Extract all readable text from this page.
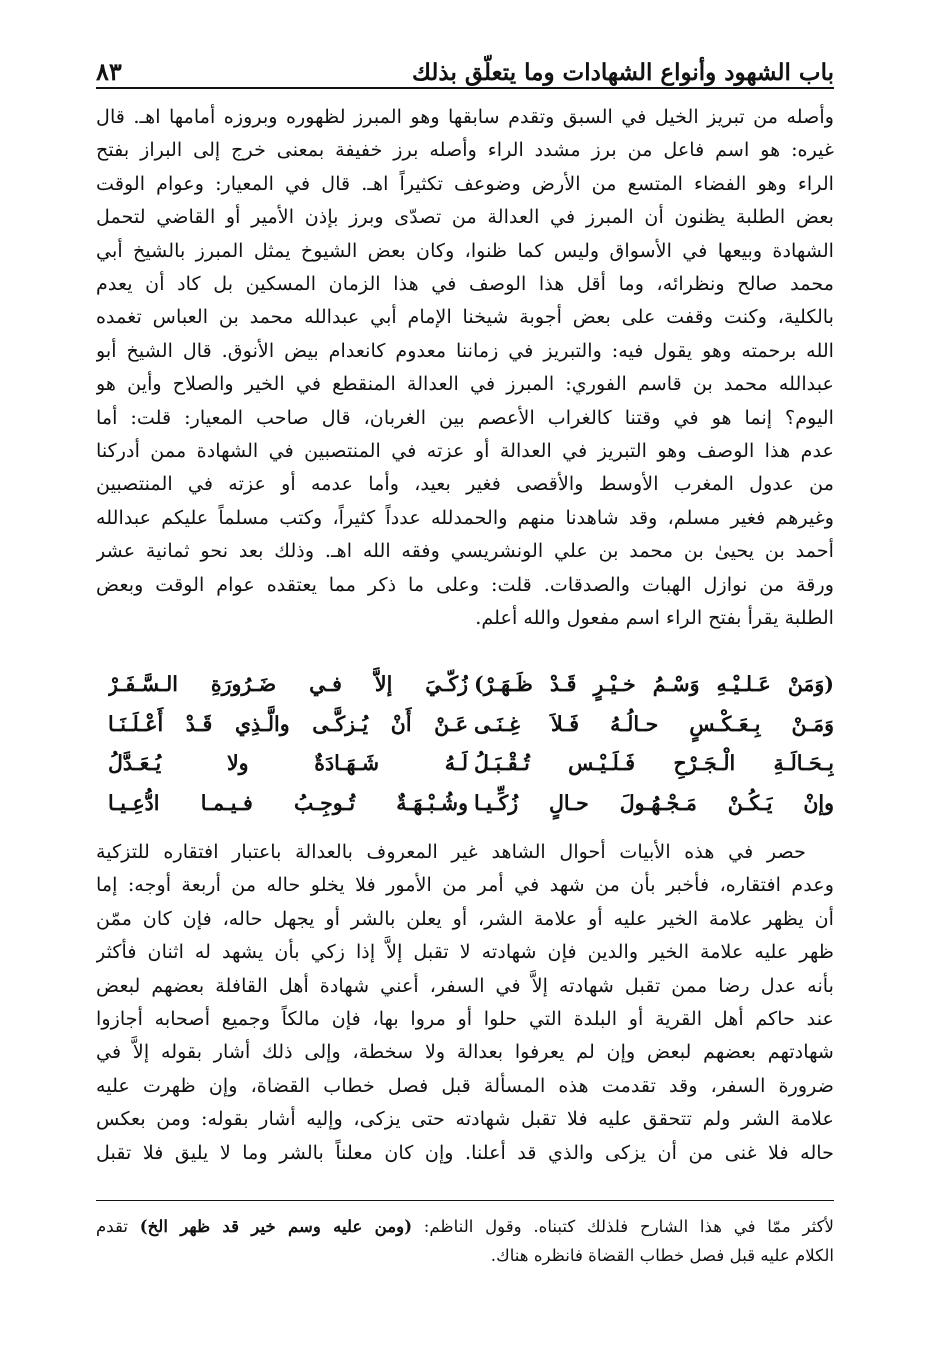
باب الشهود وأنواع الشهادات وما يتعلّق بذلك
٨٣

وأصله من تبريز الخيل في السبق وتقدم سابقها وهو المبرز لظهوره وبروزه أمامها اهـ. قال

غيره: هو اسم فاعل من برز مشدد الراء وأصله برز خفيفة بمعنى خرج إلى البراز بفتح

الراء وهو الفضاء المتسع من الأرض وضوعف تكثيراً اهـ. قال في المعيار: وعوام الوقت

بعض الطلبة يظنون أن المبرز في العدالة من تصدّى وبرز بإذن الأمير أو القاضي لتحمل

الشهادة وبيعها في الأسواق وليس كما ظنوا، وكان بعض الشيوخ يمثل المبرز بالشيخ أبي

محمد صالح ونظرائه، وما أقل هذا الوصف في هذا الزمان المسكين بل كاد أن يعدم

بالكلية، وكنت وقفت على بعض أجوبة شيخنا الإمام أبي عبدالله محمد بن العباس تغمده

الله برحمته وهو يقول فيه: والتبريز في زماننا معدوم كانعدام بيض الأنوق. قال الشيخ أبو

عبدالله محمد بن قاسم الفوري: المبرز في العدالة المنقطع في الخير والصلاح وأين هو

اليوم؟ إنما هو في وقتنا كالغراب الأعصم بين الغربان، قال صاحب المعيار: قلت: أما

عدم هذا الوصف وهو التبريز في العدالة أو عزته في المنتصبين في الشهادة ممن أدركنا

من عدول المغرب الأوسط والأقصى فغير بعيد، وأما عدمه أو عزته في المنتصبين

وغيرهم فغير مسلم، وقد شاهدنا منهم والحمدلله عدداً كثيراً، وكتب مسلماً عليكم عبدالله

أحمد بن يحيىٰ بن محمد بن علي الونشريسي وفقه الله اهـ. وذلك بعد نحو ثمانية عشر

ورقة من نوازل الهبات والصدقات. قلت: وعلى ما ذكر مما يعتقده عوام الوقت وبعض

الطلبة يقرأ بفتح الراء اسم مفعول والله أعلم.

(وَمَنْ عَـلـيْـهِ وَسْـمُ خـيْـرٍ قَـدْ ظَـهَـرْ)
زُكّـيَ إلاَّ فـي ضَـرُورَةِ الـسَّـفَـرْ
وَمَـنْ بِـعَـكْـسٍ حـالُـهُ فَـلاَ غِـنَـى
عَـنْ أَنْ يُـزكَّـى والَّـذِي قَـدْ أَعْـلَـنَـا
بِـحَـالَـةِ الْـجَـرْحِ فَـلَـيْـس تُـقْـبَـلُ
لَـهُ شَـهَـادَةٌ ولا يُـعَـدَّلُ
وإنْ يَـكُـنْ مَـجْـهُـولَ حـالٍ زُكِّـيـا
وشُـبْـهَـةٌ تُـوجِـبُ فـيـمـا ادُّعِـيـا

حصر في هذه الأبيات أحوال الشاهد غير المعروف بالعدالة باعتبار افتقاره للتزكية

وعدم افتقاره، فأخبر بأن من شهد في أمر من الأمور فلا يخلو حاله من أربعة أوجه: إما

أن يظهر علامة الخير عليه أو علامة الشر، أو يعلن بالشر أو يجهل حاله، فإن كان ممّن

ظهر عليه علامة الخير والدين فإن شهادته لا تقبل إلاَّ إذا زكي بأن يشهد له اثنان فأكثر

بأنه عدل رضا ممن تقبل شهادته إلاَّ في السفر، أعني شهادة أهل القافلة بعضهم لبعض

عند حاكم أهل القرية أو البلدة التي حلوا أو مروا بها، فإن مالكاً وجميع أصحابه أجازوا

شهادتهم بعضهم لبعض وإن لم يعرفوا بعدالة ولا سخطة، وإلى ذلك أشار بقوله إلاَّ في

ضرورة السفر، وقد تقدمت هذه المسألة قبل فصل خطاب القضاة، وإن ظهرت عليه

علامة الشر ولم تتحقق عليه فلا تقبل شهادته حتى يزكى، وإليه أشار بقوله: ومن بعكس

حاله فلا غنى من أن يزكى والذي قد أعلنا. وإن كان معلناً بالشر وما لا يليق فلا تقبل

لأكثر ممّا في هذا الشارح فلذلك كتبناه. وقول الناظم: (ومن عليه وسم خير قد ظهر الخ) تقدم

الكلام عليه قبل فصل خطاب القضاة فانظره هناك.
